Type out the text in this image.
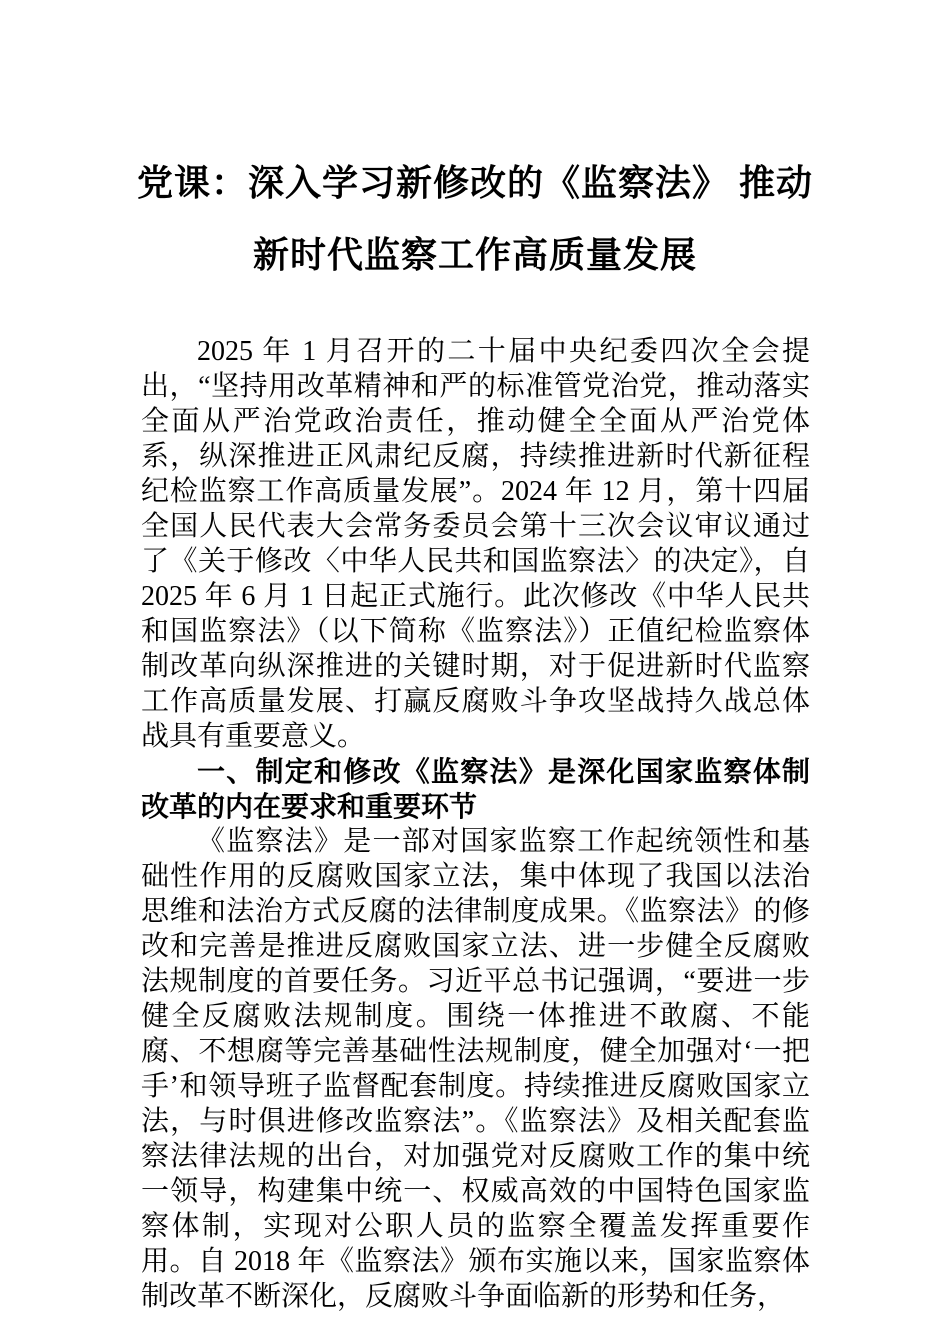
党课：深入学习新修改的《监察法》 推动
新时代监察工作高质量发展

2025 年 1 月召开的二十届中央纪委四次全会提出，“坚持用改革精神和严的标准管党治党，推动落实全面从严治党政治责任，推动健全全面从严治党体系，纵深推进正风肃纪反腐，持续推进新时代新征程纪检监察工作高质量发展”。2024 年 12 月，第十四届全国人民代表大会常务委员会第十三次会议审议通过了《关于修改〈中华人民共和国监察法〉的决定》，自 2025 年 6 月 1 日起正式施行。此次修改《中华人民共和国监察法》（以下简称《监察法》）正值纪检监察体制改革向纵深推进的关键时期，对于促进新时代监察工作高质量发展、打赢反腐败斗争攻坚战持久战总体战具有重要意义。

一、制定和修改《监察法》是深化国家监察体制改革的内在要求和重要环节

《监察法》是一部对国家监察工作起统领性和基础性作用的反腐败国家立法，集中体现了我国以法治思维和法治方式反腐的法律制度成果。《监察法》的修改和完善是推进反腐败国家立法、进一步健全反腐败法规制度的首要任务。习近平总书记强调，“要进一步健全反腐败法规制度。围绕一体推进不敢腐、不能腐、不想腐等完善基础性法规制度，健全加强对‘一把手’和领导班子监督配套制度。持续推进反腐败国家立法，与时俱进修改监察法”。《监察法》及相关配套监察法律法规的出台，对加强党对反腐败工作的集中统一领导，构建集中统一、权威高效的中国特色国家监察体制，实现对公职人员的监察全覆盖发挥重要作用。自 2018 年《监察法》颁布实施以来，国家监察体制改革不断深化，反腐败斗争面临新的形势和任务，
